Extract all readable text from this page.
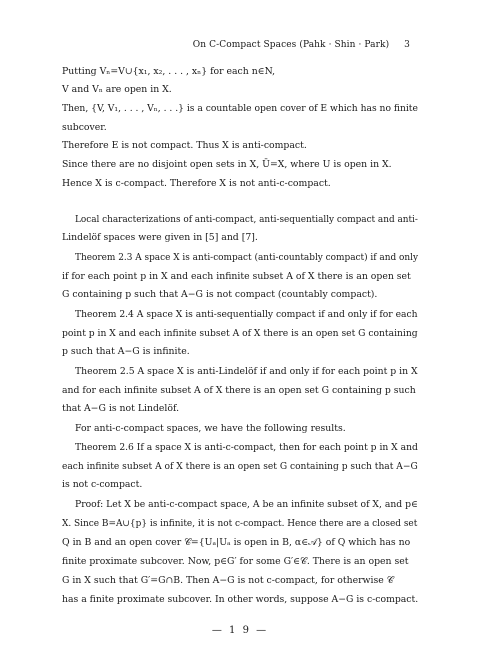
On C-Compact Spaces (Pahk · Shin · Park) 3
Putting Vₙ=V∪{x₁, x₂, . . . , xₙ} for each n∈N,
V and Vₙ are open in X.
Then, {V, V₁, . . . , Vₙ, . . .} is a countable open cover of E which has no finite
subcover.
Therefore E is not compact. Thus X is anti-compact.
Since there are no disjoint open sets in X, Ū=X, where U is open in X.
Hence X is c-compact. Therefore X is not anti-c-compact.
Local characterizations of anti-compact, anti-sequentially compact and anti-
Lindelöf spaces were given in [5] and [7].
Theorem 2.3 A space X is anti-compact (anti-countably compact) if and only
if for each point p in X and each infinite subset A of X there is an open set
G containing p such that A−G is not compact (countably compact).
Theorem 2.4 A space X is anti-sequentially compact if and only if for each
point p in X and each infinite subset A of X there is an open set G containing
p such that A−G is infinite.
Theorem 2.5 A space X is anti-Lindelöf if and only if for each point p in X
and for each infinite subset A of X there is an open set G containing p such
that A−G is not Lindelöf.
For anti-c-compact spaces, we have the following results.
Theorem 2.6 If a space X is anti-c-compact, then for each point p in X and
each infinite subset A of X there is an open set G containing p such that A−G
is not c-compact.
Proof: Let X be anti-c-compact space, A be an infinite subset of X, and p∈
X. Since B=A∪{p} is infinite, it is not c-compact. Hence there are a closed set
Q in B and an open cover 𝒞={Uₐ|Uₐ is open in B, α∈𝒜} of Q which has no
finite proximate subcover. Now, p∈G′ for some G′∈𝒞. There is an open set
G in X such that G′=G∩B. Then A−G is not c-compact, for otherwise 𝒞
has a finite proximate subcover. In other words, suppose A−G is c-compact.
— 1 9 —
